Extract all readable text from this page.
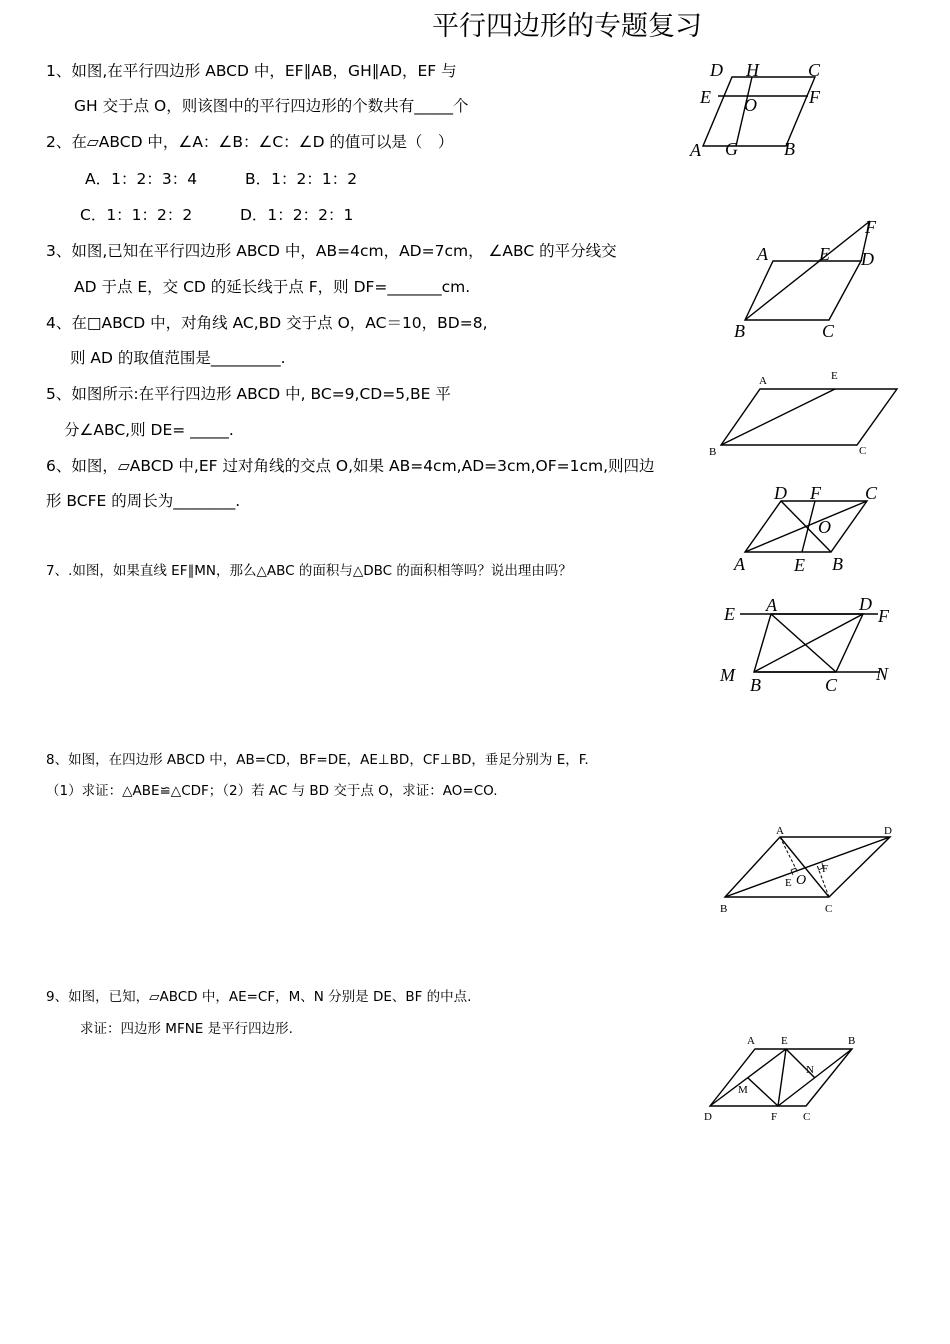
平行四边形的专题复习
1、如图,在平行四边形 ABCD 中，EF∥AB，GH∥AD，EF 与
GH 交于点 O，则该图中的平行四边形的个数共有_____个
2、在▱ABCD 中，∠A：∠B：∠C：∠D 的值可以是（　）
A．1：2：3：4	B．1：2：1：2
C．1：1：2：2	D．1：2：2：1
3、如图,已知在平行四边形 ABCD 中，AB=4cm，AD=7cm， ∠ABC 的平分线交
AD 于点 E，交 CD 的延长线于点 F，则 DF=_______cm.
4、在□ABCD 中，对角线 AC,BD 交于点 O，AC＝10，BD=8,
则 AD 的取值范围是_________.
5、如图所示:在平行四边形 ABCD 中, BC=9,CD=5,BE 平
分∠ABC,则 DE= _____.
6、如图，▱ABCD 中,EF 过对角线的交点 O,如果 AB=4cm,AD=3cm,OF=1cm,则四边
形 BCFE 的周长为________.
7、.如图，如果直线 EF∥MN，那么△ABC 的面积与△DBC 的面积相等吗？说出理由吗？
8、如图，在四边形 ABCD 中，AB=CD，BF=DE，AE⊥BD，CF⊥BD，垂足分别为 E，F.
（1）求证：△ABE≌△CDF；（2）若 AC 与 BD 交于点 O，求证：AO=CO.
9、如图，已知，▱ABCD 中，AE=CF，M、N 分别是 DE、BF 的中点.
求证：四边形 MFNE 是平行四边形.
D H	C
E O	F
A G	B
A	E
F
D
B	C
A	E
B	C
D F C
O
A	E B
E A	D
F
M B	C
N
A	D
O
F
E
B	C
A E	B
N
M
D	F C
